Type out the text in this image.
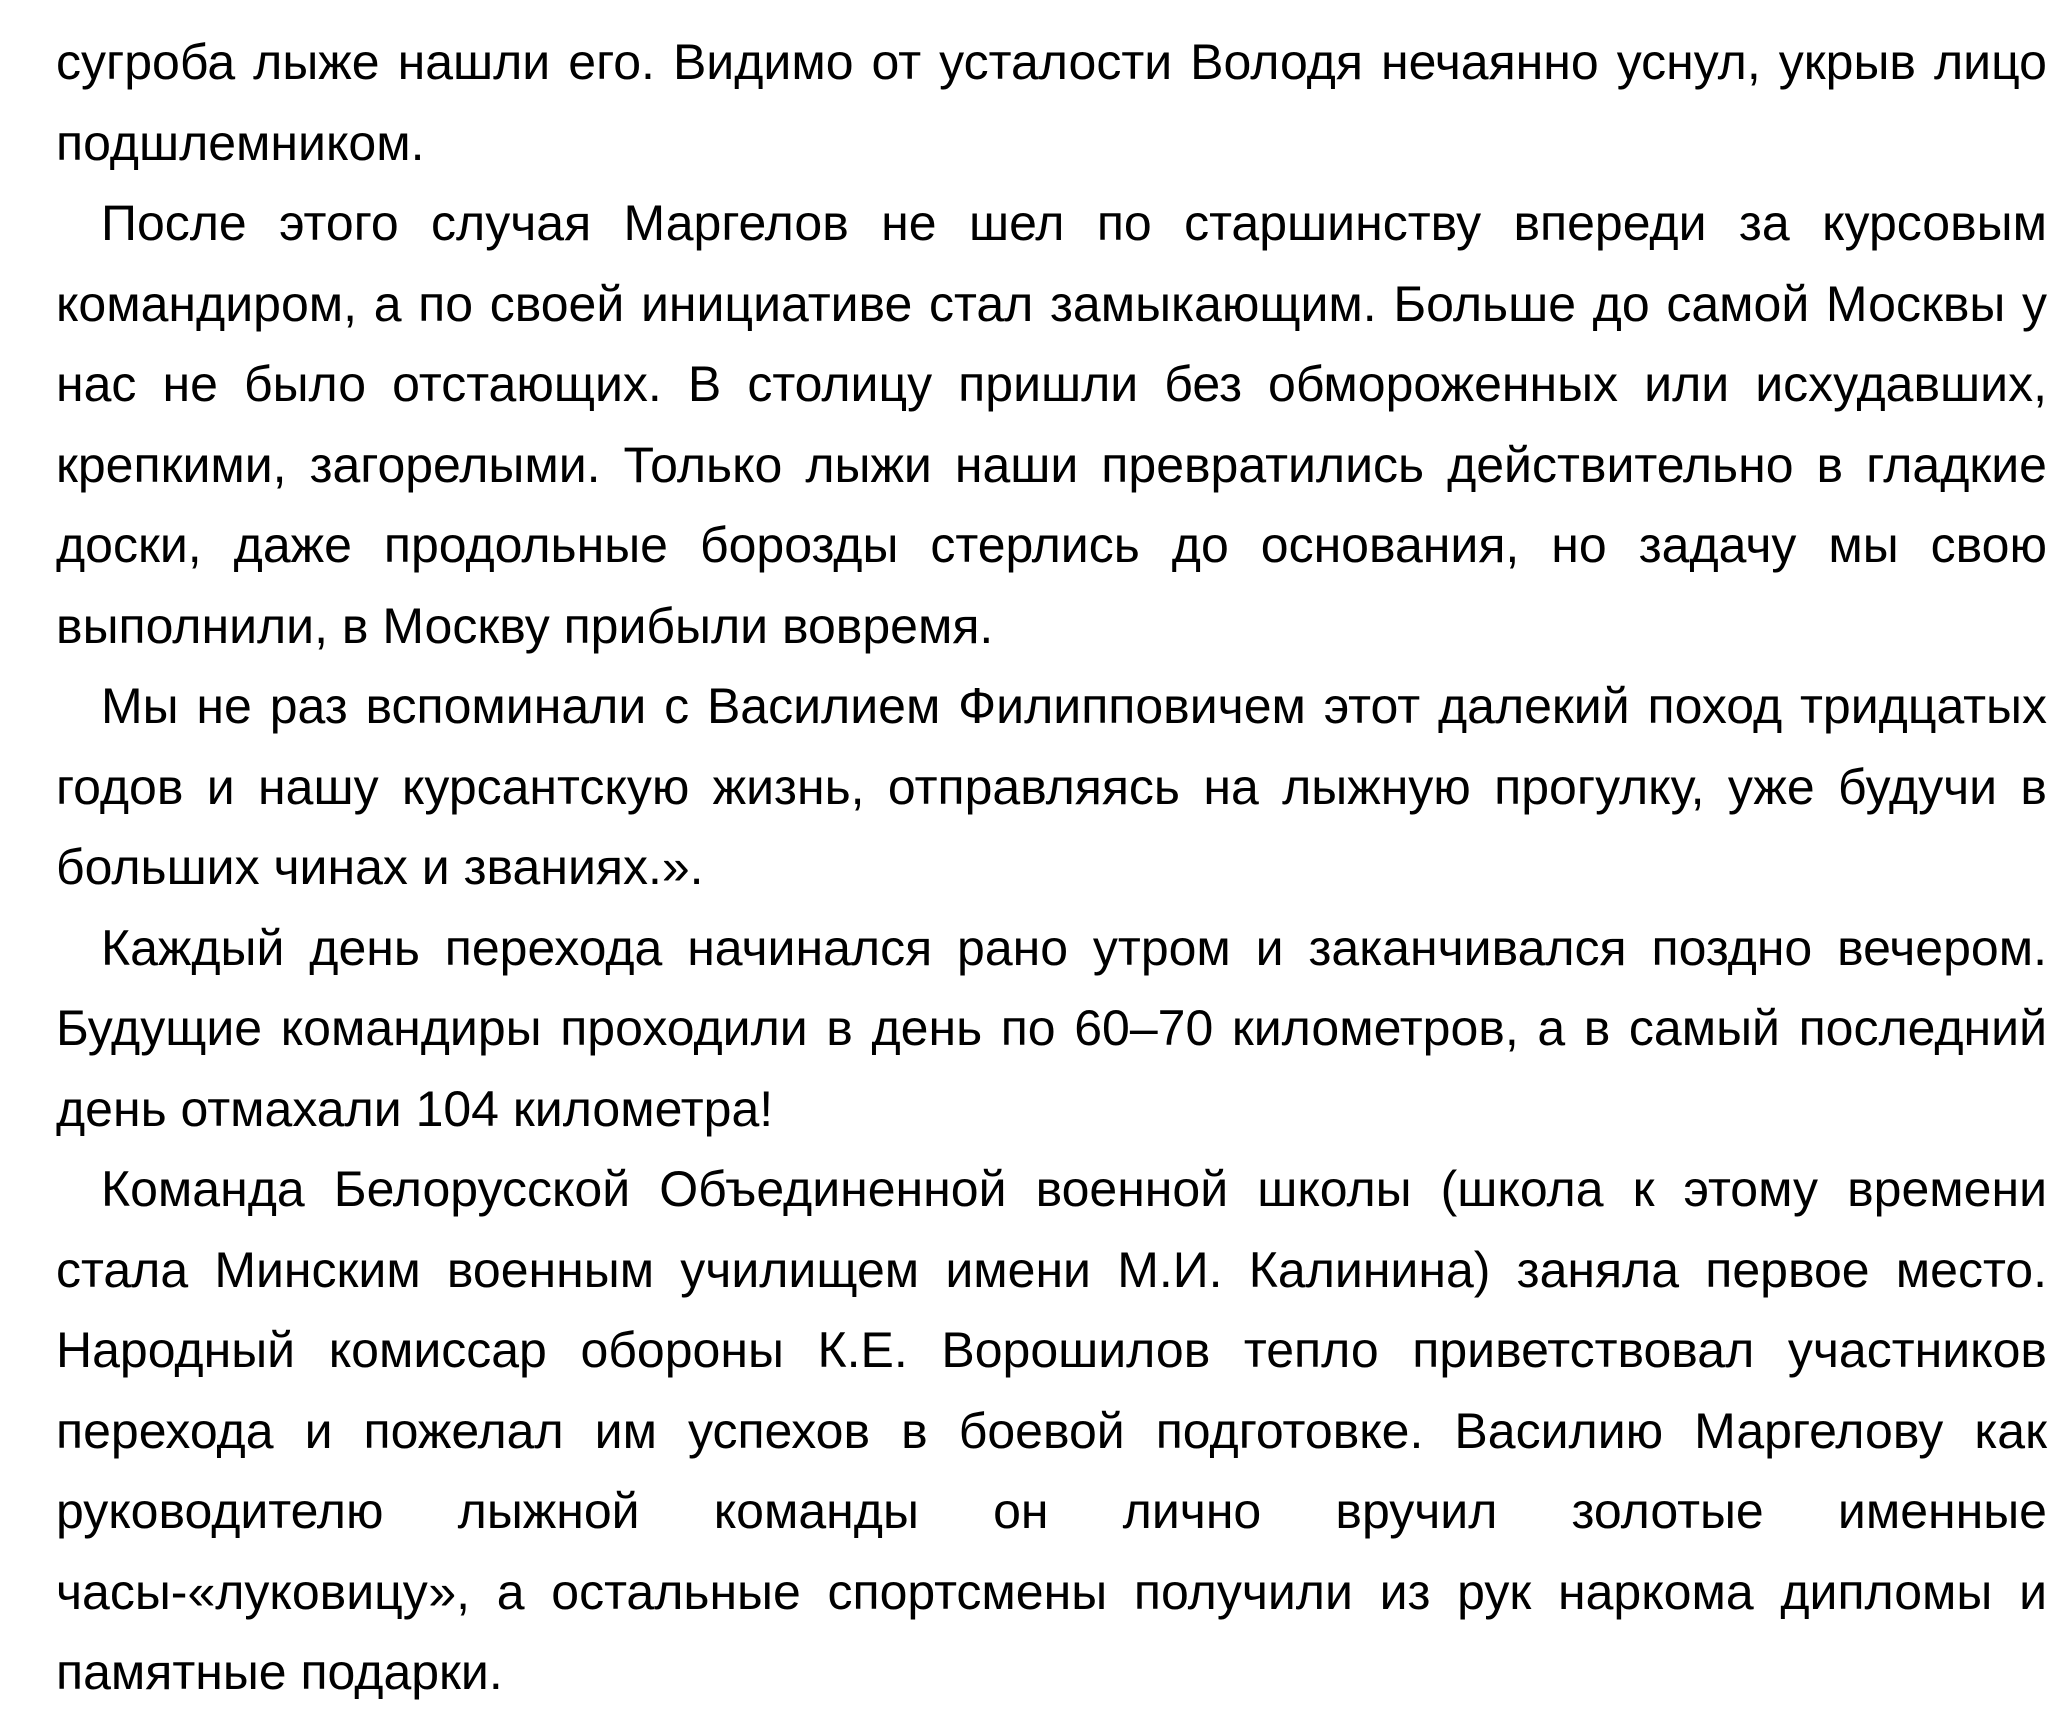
сугроба лыже нашли его. Видимо от усталости Володя нечаянно уснул, укрыв лицо подшлемником.

После этого случая Маргелов не шел по старшинству впереди за курсовым командиром, а по своей инициативе стал замыкающим. Больше до самой Москвы у нас не было отстающих. В столицу пришли без обмороженных или исхудавших, крепкими, загорелыми. Только лыжи наши превратились действительно в гладкие доски, даже продольные борозды стерлись до основания, но задачу мы свою выполнили, в Москву прибыли вовремя.

Мы не раз вспоминали с Василием Филипповичем этот далекий поход тридцатых годов и нашу курсантскую жизнь, отправляясь на лыжную прогулку, уже будучи в больших чинах и званиях.».

Каждый день перехода начинался рано утром и заканчивался поздно вечером. Будущие командиры проходили в день по 60–70 километров, а в самый последний день отмахали 104 километра!

Команда Белорусской Объединенной военной школы (школа к этому времени стала Минским военным училищем имени М.И. Калинина) заняла первое место. Народный комиссар обороны К.Е. Ворошилов тепло приветствовал участников перехода и пожелал им успехов в боевой подготовке. Василию Маргелову как руководителю лыжной команды он лично вручил золотые именные часы-«луковицу», а остальные спортсмены получили из рук наркома дипломы и памятные подарки.
